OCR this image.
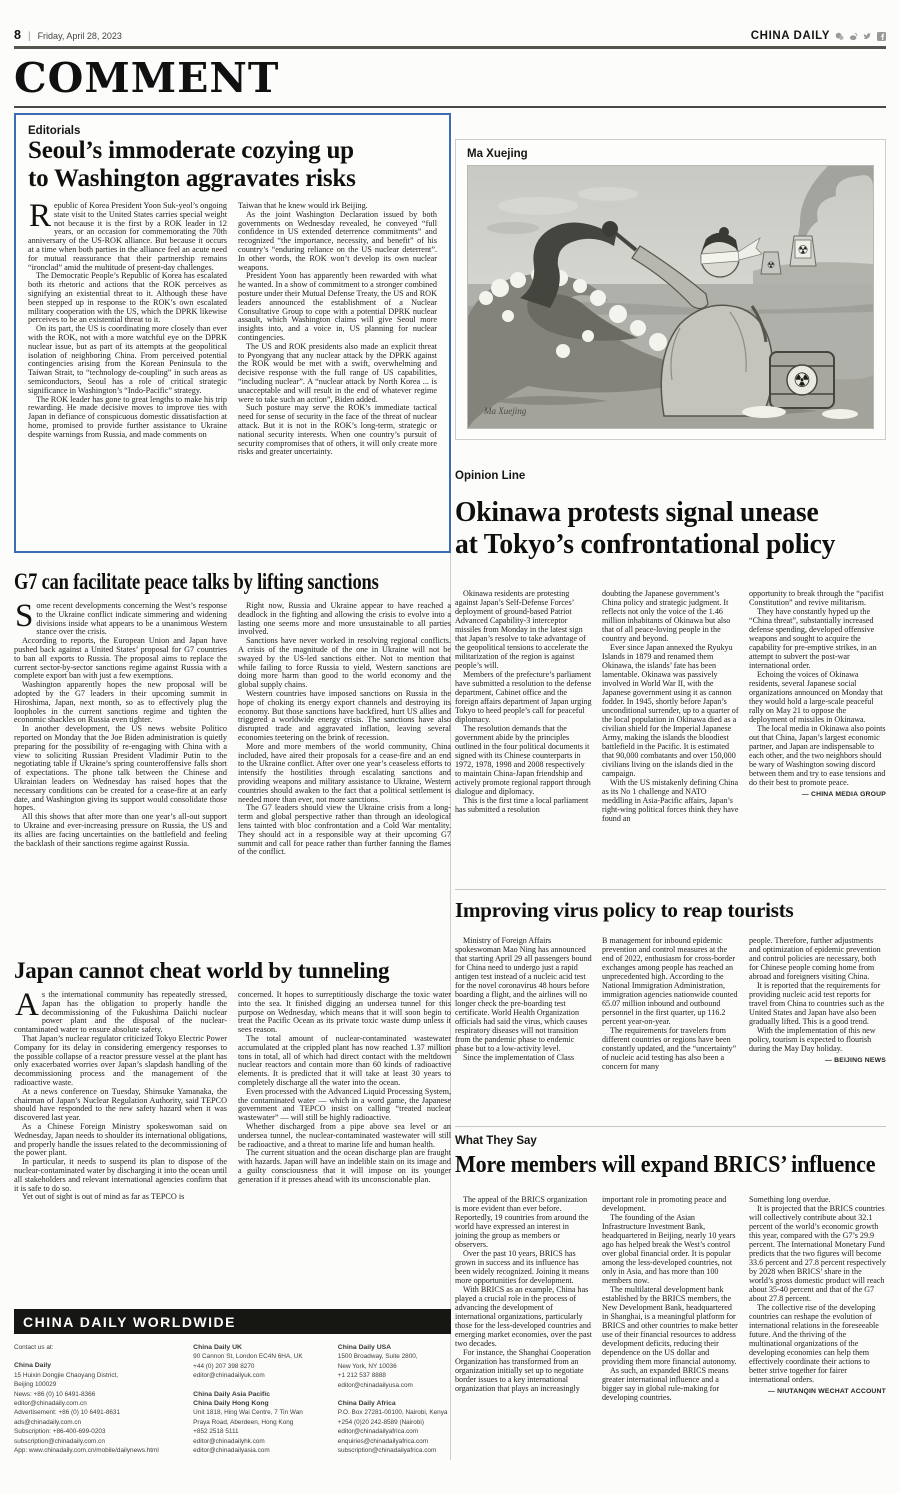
8 | Friday, April 28, 2023	CHINA DAILY
COMMENT
Editorials
Seoul’s immoderate cozying up
to Washington aggravates risks
R epublic of Korea President Yoon Suk-yeol’s ongoing state visit to the United States carries special weight not because it is the first by a ROK leader in 12 years, or an occasion for commemorating the 70th anniversary of the US-ROK alliance. But because it occurs at a time when both parties in the alliance feel an acute need for mutual reassurance that their partnership remains “ironclad” amid the multitude of present-day challenges.

The Democratic People’s Republic of Korea has escalated both its rhetoric and actions that the ROK perceives as signifying an existential threat to it. Although these have been stepped up in response to the ROK’s own escalated military cooperation with the US, which the DPRK likewise perceives to be an existential threat to it.

On its part, the US is coordinating more closely than ever with the ROK, not with a more watchful eye on the DPRK nuclear issue, but as part of its attempts at the geopolitical isolation of neighboring China. From perceived potential contingencies arising from the Korean Peninsula to the Taiwan Strait, to “technology de-coupling” in such areas as semiconductors, Seoul has a role of critical strategic significance in Washington’s “Indo-Pacific” strategy.

The ROK leader has gone to great lengths to make his trip rewarding. He made decisive moves to improve ties with Japan in defiance of conspicuous domestic dissatisfaction at home, promised to provide further assistance to Ukraine despite warnings from Russia, and made comments on

Taiwan that he knew would irk Beijing.

As the joint Washington Declaration issued by both governments on Wednesday revealed, he conveyed “full confidence in US extended deterrence commitments” and recognized “the importance, necessity, and benefit” of his country’s “enduring reliance on the US nuclear deterrent”. In other words, the ROK won’t develop its own nuclear weapons.

President Yoon has apparently been rewarded with what he wanted. In a show of commitment to a stronger combined posture under their Mutual Defense Treaty, the US and ROK leaders announced the establishment of a Nuclear Consultative Group to cope with a potential DPRK nuclear assault, which Washington claims will give Seoul more insights into, and a voice in, US planning for nuclear contingencies.

The US and ROK presidents also made an explicit threat to Pyongyang that any nuclear attack by the DPRK against the ROK would be met with a swift, overwhelming and decisive response with the full range of US capabilities, “including nuclear”. A “nuclear attack by North Korea ... is unacceptable and will result in the end of whatever regime were to take such an action”, Biden added.

Such posture may serve the ROK’s immediate tactical need for sense of security in the face of the threat of nuclear attack. But it is not in the ROK’s long-term, strategic or national security interests. When one country’s pursuit of security compromises that of others, it will only create more risks and greater uncertainty.

G7 can facilitate peace talks by lifting sanctions
S ome recent developments concerning the West’s response to the Ukraine conflict indicate simmering and widening divisions inside what appears to be a unanimous Western stance over the crisis.

According to reports, the European Union and Japan have pushed back against a United States’ proposal for G7 countries to ban all exports to Russia. The proposal aims to replace the current sector-by-sector sanctions regime against Russia with a complete export ban with just a few exemptions.

Washington apparently hopes the new proposal will be adopted by the G7 leaders in their upcoming summit in Hiroshima, Japan, next month, so as to effectively plug the loopholes in the current sanctions regime and tighten the economic shackles on Russia even tighter.

In another development, the US news website Politico reported on Monday that the Joe Biden administration is quietly preparing for the possibility of re-engaging with China with a view to soliciting Russian President Vladimir Putin to the negotiating table if Ukraine’s spring counteroffensive falls short of expectations. The phone talk between the Chinese and Ukrainian leaders on Wednesday has raised hopes that the necessary conditions can be created for a cease-fire at an early date, and Washington giving its support would consolidate those hopes.

All this shows that after more than one year’s all-out support to Ukraine and ever-increasing pressure on Russia, the US and its allies are facing uncertainties on the battlefield and feeling the backlash of their sanctions regime against Russia.

Right now, Russia and Ukraine appear to have reached a deadlock in the fighting and allowing the crisis to evolve into a lasting one seems more and more unsustainable to all parties involved.

Sanctions have never worked in resolving regional conflicts. A crisis of the magnitude of the one in Ukraine will not be swayed by the US-led sanctions either. Not to mention that while failing to force Russia to yield, Western sanctions are doing more harm than good to the world economy and the global supply chains.

Western countries have imposed sanctions on Russia in the hope of choking its energy export channels and destroying its economy. But those sanctions have backfired, hurt US allies and triggered a worldwide energy crisis. The sanctions have also disrupted trade and aggravated inflation, leaving several economies teetering on the brink of recession.

More and more members of the world community, China included, have aired their proposals for a cease-fire and an end to the Ukraine conflict. After over one year’s ceaseless efforts to intensify the hostilities through escalating sanctions and providing weapons and military assistance to Ukraine, Western countries should awaken to the fact that a political settlement is needed more than ever, not more sanctions.

The G7 leaders should view the Ukraine crisis from a long-term and global perspective rather than through an ideological lens tainted with bloc confrontation and a Cold War mentality. They should act in a responsible way at their upcoming G7 summit and call for peace rather than further fanning the flames of the conflict.

Japan cannot cheat world by tunneling
A s the international community has repeatedly stressed, Japan has the obligation to properly handle the decommissioning of the Fukushima Daiichi nuclear power plant and the disposal of the nuclear-contaminated water to ensure absolute safety.

That Japan’s nuclear regulator criticized Tokyo Electric Power Company for its delay in considering emergency responses to the possible collapse of a reactor pressure vessel at the plant has only exacerbated worries over Japan’s slapdash handling of the decommissioning process and the management of the radioactive waste.

At a news conference on Tuesday, Shinsuke Yamanaka, the chairman of Japan’s Nuclear Regulation Authority, said TEPCO should have responded to the new safety hazard when it was discovered last year.

As a Chinese Foreign Ministry spokeswoman said on Wednesday, Japan needs to shoulder its international obligations, and properly handle the issues related to the decommissioning of the power plant.

In particular, it needs to suspend its plan to dispose of the nuclear-contaminated water by discharging it into the ocean until all stakeholders and relevant international agencies confirm that it is safe to do so.

Yet out of sight is out of mind as far as TEPCO is

concerned. It hopes to surreptitiously discharge the toxic water into the sea. It finished digging an undersea tunnel for this purpose on Wednesday, which means that it will soon begin to treat the Pacific Ocean as its private toxic waste dump unless it sees reason.

The total amount of nuclear-contaminated wastewater accumulated at the crippled plant has now reached 1.37 million tons in total, all of which had direct contact with the meltdown nuclear reactors and contain more than 60 kinds of radioactive elements. It is predicted that it will take at least 30 years to completely discharge all the water into the ocean.

Even processed with the Advanced Liquid Processing System, the contaminated water — which in a word game, the Japanese government and TEPCO insist on calling “treated nuclear wastewater” — will still be highly radioactive.

Whether discharged from a pipe above sea level or an undersea tunnel, the nuclear-contaminated wastewater will still be radioactive, and a threat to marine life and human health.

The current situation and the ocean discharge plan are fraught with hazards. Japan will have an indelible stain on its image and a guilty consciousness that it will impose on its younger generation if it presses ahead with its unconscionable plan.

CHINA DAILY WORLDWIDE
Contact us at:
China Daily

15 Huixin Dongjie Chaoyang District,

Beijing 100029

News: +86 (0) 10 6491-8366

editor@chinadaily.com.cn

Advertisement: +86 (0) 10 6491-8631

ads@chinadaily.com.cn

Subscription: +86-400-699-0203

subscription@chinadaily.com.cn

App: www.chinadaily.com.cn/mobile/dailynews.html

China Daily UK

90 Cannon St, London EC4N 6HA, UK

+44 (0) 207 398 8270

editor@chinadailyuk.com

China Daily Asia Pacific
China Daily Hong Kong

Unit 1818, Hing Wai Centre, 7 Tin Wan

Praya Road, Aberdeen, Hong Kong

+852 2518 5111

editor@chinadailyhk.com

editor@chinadailyasia.com

China Daily USA

1500 Broadway, Suite 2800,

New York, NY 10036

+1 212 537 8888

editor@chinadailyusa.com

China Daily Africa

P.O. Box 27281-00100, Nairobi, Kenya

+254 (0)20 242-8589 (Nairobi)

editor@chinadailyafrica.com

enquiries@chinadailyafrica.com

subscription@chinadailyafrica.com

Ma Xuejing
☢
☢
☢
Ma Xuejing
Opinion Line
Okinawa protests signal unease
at Tokyo’s confrontational policy

Okinawa residents are protesting against Japan’s Self-Defense Forces’ deployment of ground-based Patriot Advanced Capability-3 interceptor missiles from Monday in the latest sign that Japan’s resolve to take advantage of the geopolitical tensions to accelerate the militarization of the region is against people’s will.

Members of the prefecture’s parliament have submitted a resolution to the defense department, Cabinet office and the foreign affairs department of Japan urging Tokyo to heed people’s call for peaceful diplomacy.

The resolution demands that the government abide by the principles outlined in the four political documents it signed with its Chinese counterparts in 1972, 1978, 1998 and 2008 respectively to maintain China-Japan friendship and actively promote regional rapport through dialogue and diplomacy.

This is the first time a local parliament has submitted a resolution

doubting the Japanese government’s China policy and strategic judgment. It reflects not only the voice of the 1.46 million inhabitants of Okinawa but also that of all peace-loving people in the country and beyond.

Ever since Japan annexed the Ryukyu Islands in 1879 and renamed them Okinawa, the islands’ fate has been lamentable. Okinawa was passively involved in World War II, with the Japanese government using it as cannon fodder. In 1945, shortly before Japan’s unconditional surrender, up to a quarter of the local population in Okinawa died as a civilian shield for the Imperial Japanese Army, making the islands the bloodiest battlefield in the Pacific. It is estimated that 90,000 combatants and over 150,000 civilians living on the islands died in the campaign.

With the US mistakenly defining China as its No 1 challenge and NATO meddling in Asia-Pacific affairs, Japan’s right-wing political forces think they have found an

opportunity to break through the “pacifist Constitution” and revive militarism.

They have constantly hyped up the “China threat”, substantially increased defense spending, developed offensive weapons and sought to acquire the capability for pre-emptive strikes, in an attempt to subvert the post-war international order.

Echoing the voices of Okinawa residents, several Japanese social organizations announced on Monday that they would hold a large-scale peaceful rally on May 21 to oppose the deployment of missiles in Okinawa.

The local media in Okinawa also points out that China, Japan’s largest economic partner, and Japan are indispensable to each other, and the two neighbors should be wary of Washington sowing discord between them and try to ease tensions and do their best to promote peace.

— CHINA MEDIA GROUP

Improving virus policy to reap tourists

Ministry of Foreign Affairs spokeswoman Mao Ning has announced that starting April 29 all passengers bound for China need to undergo just a rapid antigen test instead of a nucleic acid test for the novel coronavirus 48 hours before boarding a flight, and the airlines will no longer check the pre-boarding test certificate. World Health Organization officials had said the virus, which causes respiratory diseases will not transition from the pandemic phase to endemic phase but to a low-activity level.

Since the implementation of Class

B management for inbound epidemic prevention and control measures at the end of 2022, enthusiasm for cross-border exchanges among people has reached an unprecedented high. According to the National Immigration Administration, immigration agencies nationwide counted 65.07 million inbound and outbound personnel in the first quarter, up 116.2 percent year-on-year.

The requirements for travelers from different countries or regions have been constantly updated, and the “uncertainty” of nucleic acid testing has also been a concern for many

people. Therefore, further adjustments and optimization of epidemic prevention and control policies are necessary, both for Chinese people coming home from abroad and foreigners visiting China.

It is reported that the requirements for providing nucleic acid test reports for travel from China to countries such as the United States and Japan have also been gradually lifted. This is a good trend.

With the implementation of this new policy, tourism is expected to flourish during the May Day holiday.

— BEIJING NEWS

What They Say
More members will expand BRICS’ influence

The appeal of the BRICS organization is more evident than ever before. Reportedly, 19 countries from around the world have expressed an interest in joining the group as members or observers.

Over the past 10 years, BRICS has grown in success and its influence has been widely recognized. Joining it means more opportunities for development.

With BRICS as an example, China has played a crucial role in the process of advancing the development of international organizations, particularly those for the less-developed countries and emerging market economies, over the past two decades.

For instance, the Shanghai Cooperation Organization has transformed from an organization initially set up to negotiate border issues to a key international organization that plays an increasingly

important role in promoting peace and development.

The founding of the Asian Infrastructure Investment Bank, headquartered in Beijing, nearly 10 years ago has helped break the West’s control over global financial order. It is popular among the less-developed countries, not only in Asia, and has more than 100 members now.

The multilateral development bank established by the BRICS members, the New Development Bank, headquartered in Shanghai, is a meaningful platform for BRICS and other countries to make better use of their financial resources to address development deficits, reducing their dependence on the US dollar and providing them more financial autonomy.

As such, an expanded BRICS means greater international influence and a bigger say in global rule-making for developing countries.

Something long overdue.

It is projected that the BRICS countries will collectively contribute about 32.1 percent of the world’s economic growth this year, compared with the G7’s 29.9 percent. The International Monetary Fund predicts that the two figures will become 33.6 percent and 27.8 percent respectively by 2028 when BRICS’ share in the world’s gross domestic product will reach about 35-40 percent and that of the G7 about 27.8 percent.

The collective rise of the developing countries can reshape the evolution of international relations in the foreseeable future. And the thriving of the multinational organizations of the developing economies can help them effectively coordinate their actions to better strive together for fairer international orders.

— NIUTANQIN WECHAT ACCOUNT
